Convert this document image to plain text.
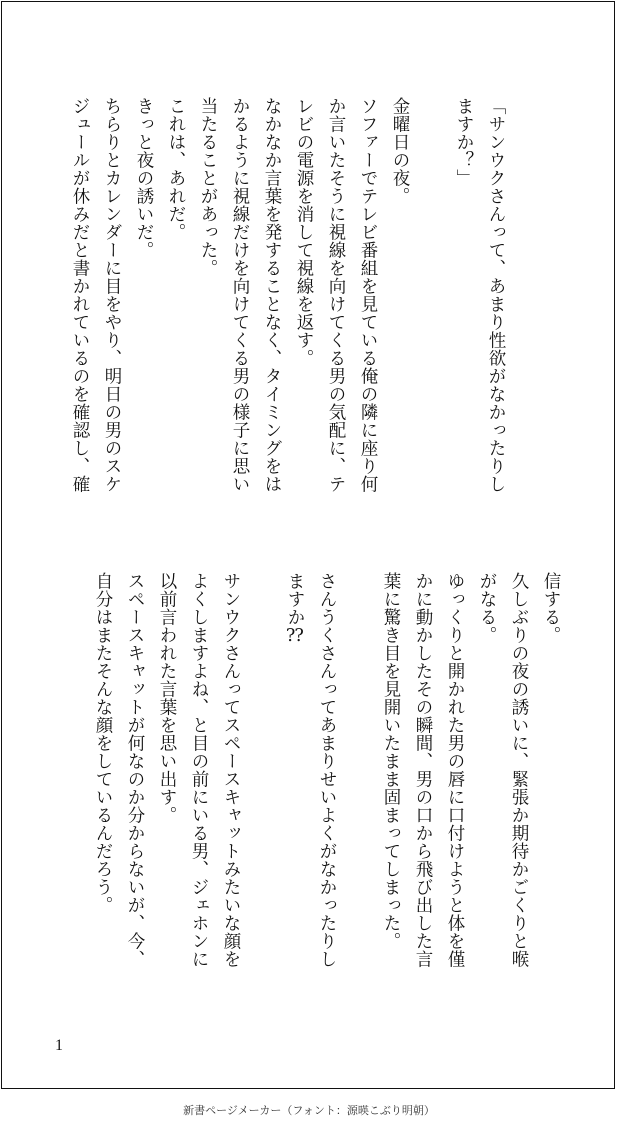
「サンウクさんって、あまり性欲がなかったりし
ますか？」
金曜日の夜。
ソファーでテレビ番組を見ている俺の隣に座り何
か言いたそうに視線を向けてくる男の気配に、テ
レビの電源を消して視線を返す。
なかなか言葉を発することなく、タイミングをは
かるように視線だけを向けてくる男の様子に思い
当たることがあった。
これは、あれだ。
きっと夜の誘いだ。
ちらりとカレンダーに目をやり、明日の男のスケ
ジュールが休みだと書かれているのを確認し、確
信する。
久しぶりの夜の誘いに、緊張か期待かごくりと喉
がなる。
ゆっくりと開かれた男の唇に口付けようと体を僅
かに動かしたその瞬間、男の口から飛び出した言
葉に驚き目を見開いたまま固まってしまった。
さんうくさんってあまりせいよくがなかったりし
ますか⁇
サンウクさんってスペースキャットみたいな顔を
よくしますよね、と目の前にいる男、ジェホンに
以前言われた言葉を思い出す。
スペースキャットが何なのか分からないが、今、
自分はまたそんな顔をしているんだろう。
1
新書ページメーカー（フォント：源暎こぶり明朝）
